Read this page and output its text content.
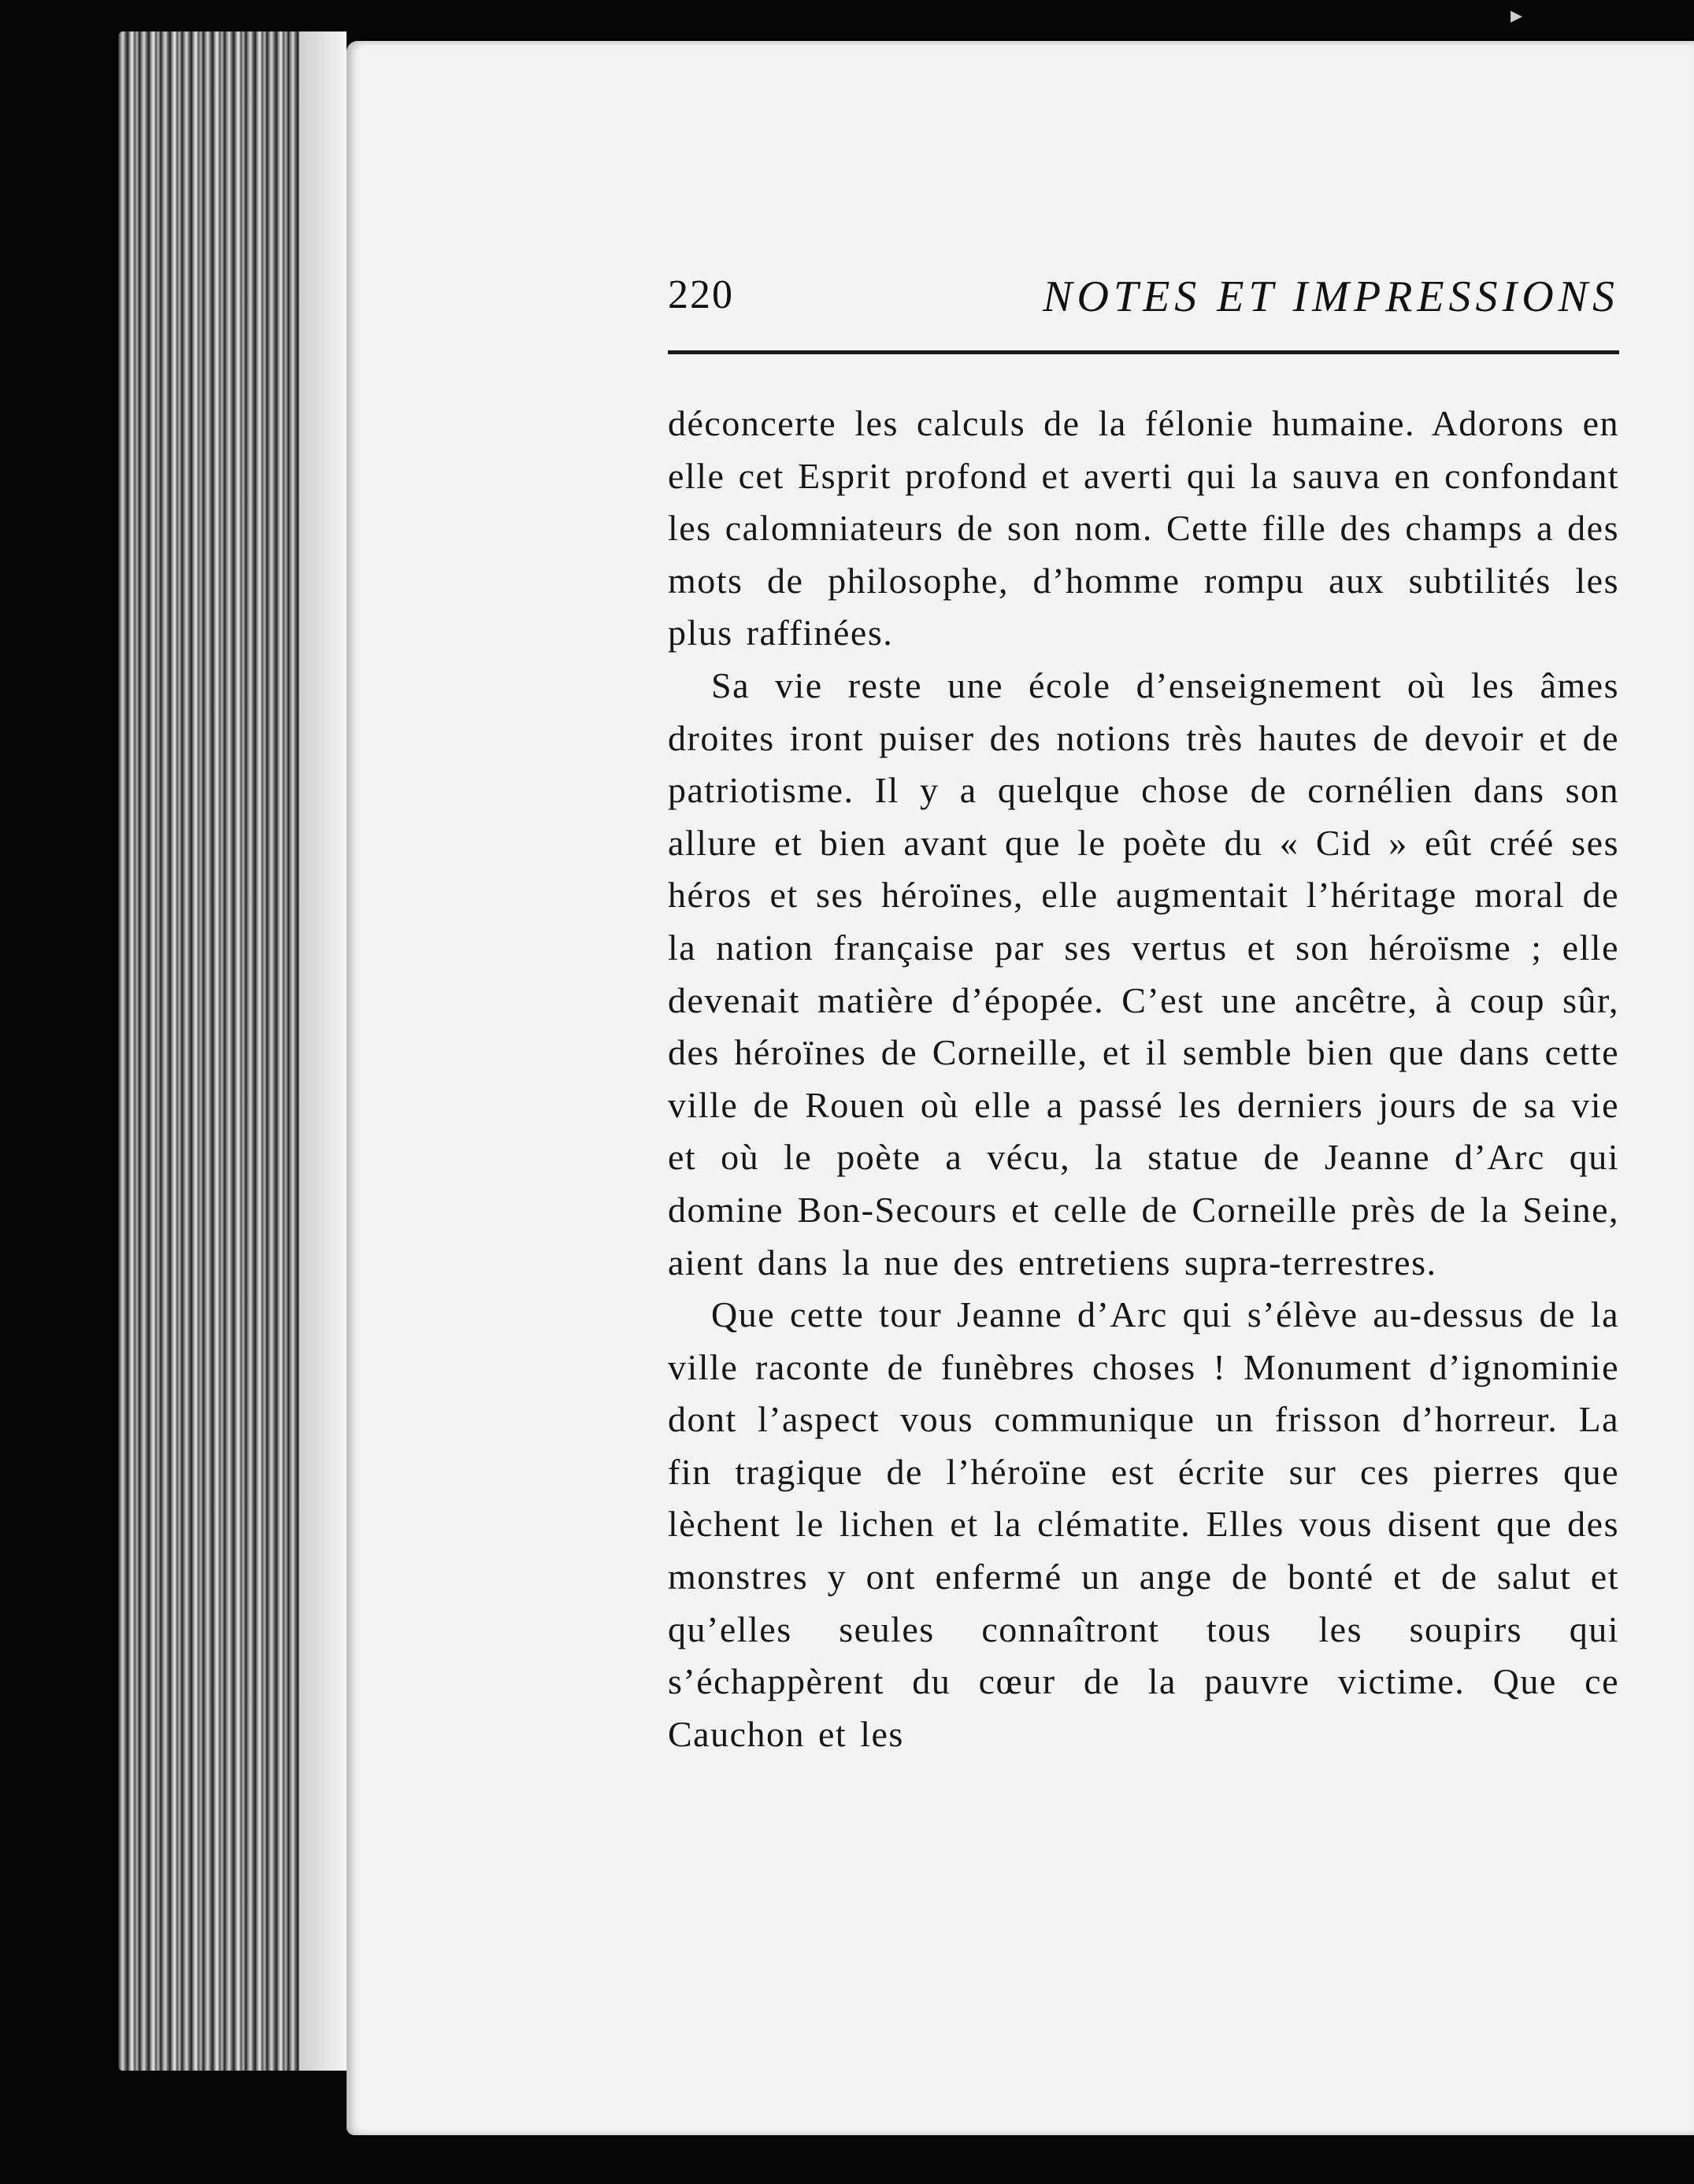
▸
220	NOTES ET IMPRESSIONS

déconcerte les calculs de la félonie humaine. Adorons en elle cet Esprit profond et averti qui la sauva en confondant les calomniateurs de son nom. Cette fille des champs a des mots de philosophe, d’homme rompu aux subtilités les plus raffinées.

Sa vie reste une école d’enseignement où les âmes droites iront puiser des notions très hautes de devoir et de patriotisme. Il y a quelque chose de cornélien dans son allure et bien avant que le poète du « Cid » eût créé ses héros et ses héroïnes, elle augmentait l’héritage moral de la nation française par ses vertus et son héroïsme ; elle devenait matière d’épopée. C’est une ancêtre, à coup sûr, des héroïnes de Corneille, et il semble bien que dans cette ville de Rouen où elle a passé les derniers jours de sa vie et où le poète a vécu, la statue de Jeanne d’Arc qui domine Bon-Secours et celle de Corneille près de la Seine, aient dans la nue des entretiens supra-terrestres.

Que cette tour Jeanne d’Arc qui s’élève au-dessus de la ville raconte de funèbres choses ! Monument d’ignominie dont l’aspect vous communique un frisson d’horreur. La fin tragique de l’héroïne est écrite sur ces pierres que lèchent le lichen et la clématite. Elles vous disent que des monstres y ont enfermé un ange de bonté et de salut et qu’elles seules connaîtront tous les soupirs qui s’échappèrent du cœur de la pauvre victime. Que ce Cauchon et les
